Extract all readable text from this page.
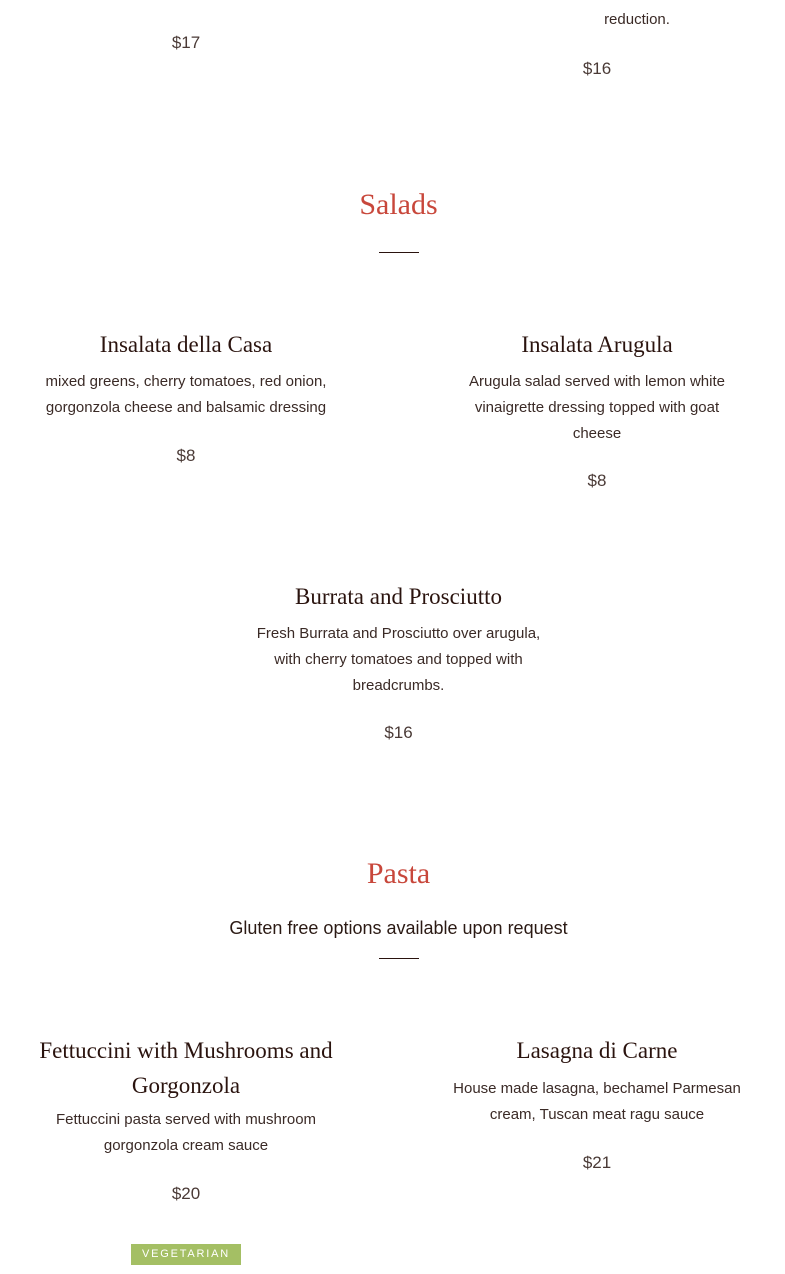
reduction.
$17
$16
Salads
Insalata della Casa
mixed greens, cherry tomatoes, red onion, gorgonzola cheese and balsamic dressing
$8
Insalata Arugula
Arugula salad served with lemon white vinaigrette dressing topped with goat cheese
$8
Burrata and Prosciutto
Fresh Burrata and Prosciutto over arugula, with cherry tomatoes and topped with breadcrumbs.
$16
Pasta
Gluten free options available upon request
Fettuccini with Mushrooms and Gorgonzola
Fettuccini pasta served with mushroom gorgonzola cream sauce
$20
VEGETARIAN
Lasagna di Carne
House made lasagna, bechamel Parmesan cream, Tuscan meat ragu sauce
$21
